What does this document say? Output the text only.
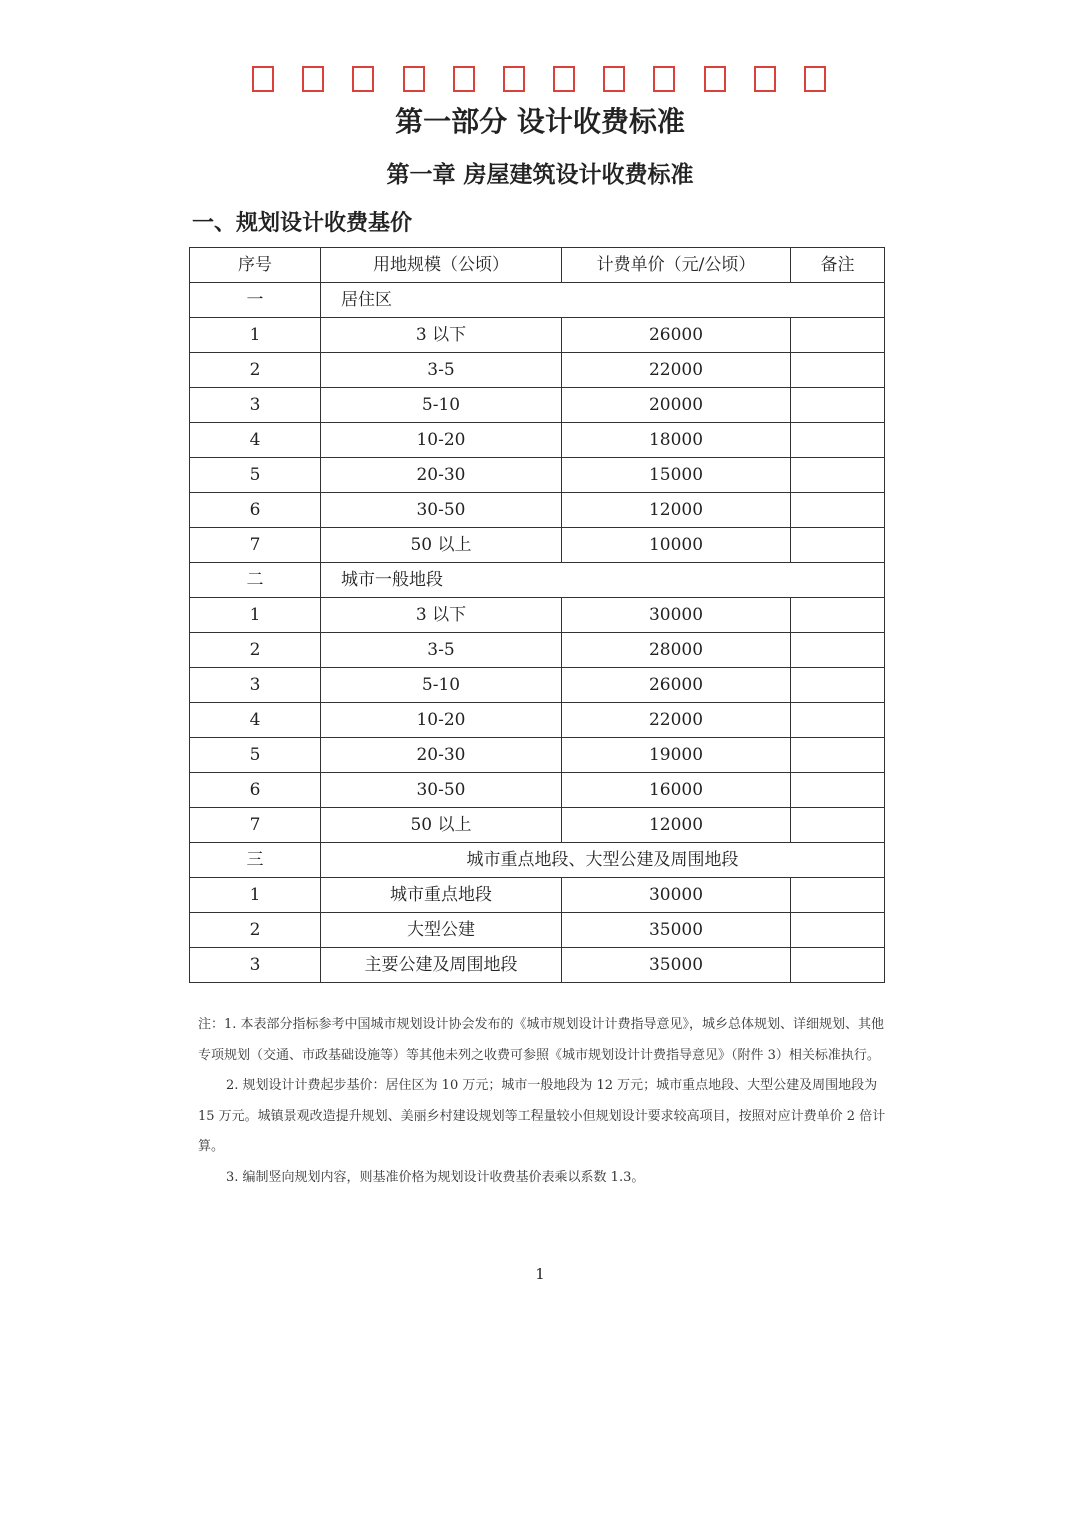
第一部分 设计收费标准
第一章 房屋建筑设计收费标准
一、规划设计收费基价
序号	用地规模（公顷）	计费单价（元/公顷）	备注
一	居住区		
1	3 以下	26000	
2	3-5	22000	
3	5-10	20000	
4	10-20	18000	
5	20-30	15000	
6	30-50	12000	
7	50 以上	10000	
二	城市一般地段		
1	3 以下	30000	
2	3-5	28000	
3	5-10	26000	
4	10-20	22000	
5	20-30	19000	
6	30-50	16000	
7	50 以上	12000	
三	城市重点地段、大型公建及周围地段		
1	城市重点地段	30000	
2	大型公建	35000	
3	主要公建及周围地段	35000	

注：1. 本表部分指标参考中国城市规划设计协会发布的《城市规划设计计费指导意见》，城乡总体规划、详细规划、其他专项规划（交通、市政基础设施等）等其他未列之收费可参照《城市规划设计计费指导意见》（附件 3）相关标准执行。

2. 规划设计计费起步基价：居住区为 10 万元；城市一般地段为 12 万元；城市重点地段、大型公建及周围地段为 15 万元。城镇景观改造提升规划、美丽乡村建设规划等工程量较小但规划设计要求较高项目，按照对应计费单价 2 倍计算。

3. 编制竖向规划内容，则基准价格为规划设计收费基价表乘以系数 1.3。

1
